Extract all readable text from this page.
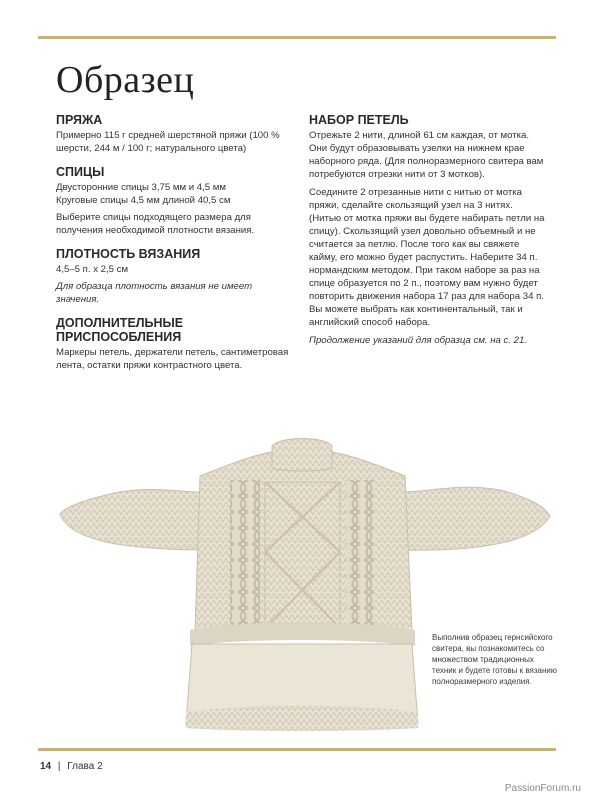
Образец
ПРЯЖА
Примерно 115 г средней шерстяной пряжи (100 % шерсти, 244 м / 100 г; натурального цвета)
СПИЦЫ
Двусторонние спицы 3,75 мм и 4,5 мм
Круговые спицы 4,5 мм длиной 40,5 см
Выберите спицы подходящего размера для получения необходимой плотности вязания.
ПЛОТНОСТЬ ВЯЗАНИЯ
4,5–5 п. х 2,5 см
Для образца плотность вязания не имеет значения.
ДОПОЛНИТЕЛЬНЫЕ ПРИСПОСОБЛЕНИЯ
Маркеры петель, держатели петель, сантиметровая лента, остатки пряжи контрастного цвета.
НАБОР ПЕТЕЛЬ
Отрежьте 2 нити, длиной 61 см каждая, от мотка. Они будут образовывать узелки на нижнем крае наборного ряда. (Для полноразмерного свитера вам потребуются отрезки нити от 3 мотков).
Соедините 2 отрезанные нити с нитью от мотка пряжи, сделайте скользящий узел на 3 нитях. (Нитью от мотка пряжи вы будете набирать петли на спицу). Скользящий узел довольно объемный и не считается за петлю. После того как вы свяжете кайму, его можно будет распустить. Наберите 34 п. нормандским методом. При таком наборе за раз на спице образуется по 2 п., поэтому вам нужно будет повторить движения набора 17 раз для набора 34 п. Вы можете выбрать как континентальный, так и английский способ набора.
Продолжение указаний для образца см. на с. 21.
Выполнив образец гернсийского свитера, вы познакомитесь со множеством традиционных техник и будете готовы к вязанию полноразмерного изделия.
14 | Глава 2
PassionForum.ru
